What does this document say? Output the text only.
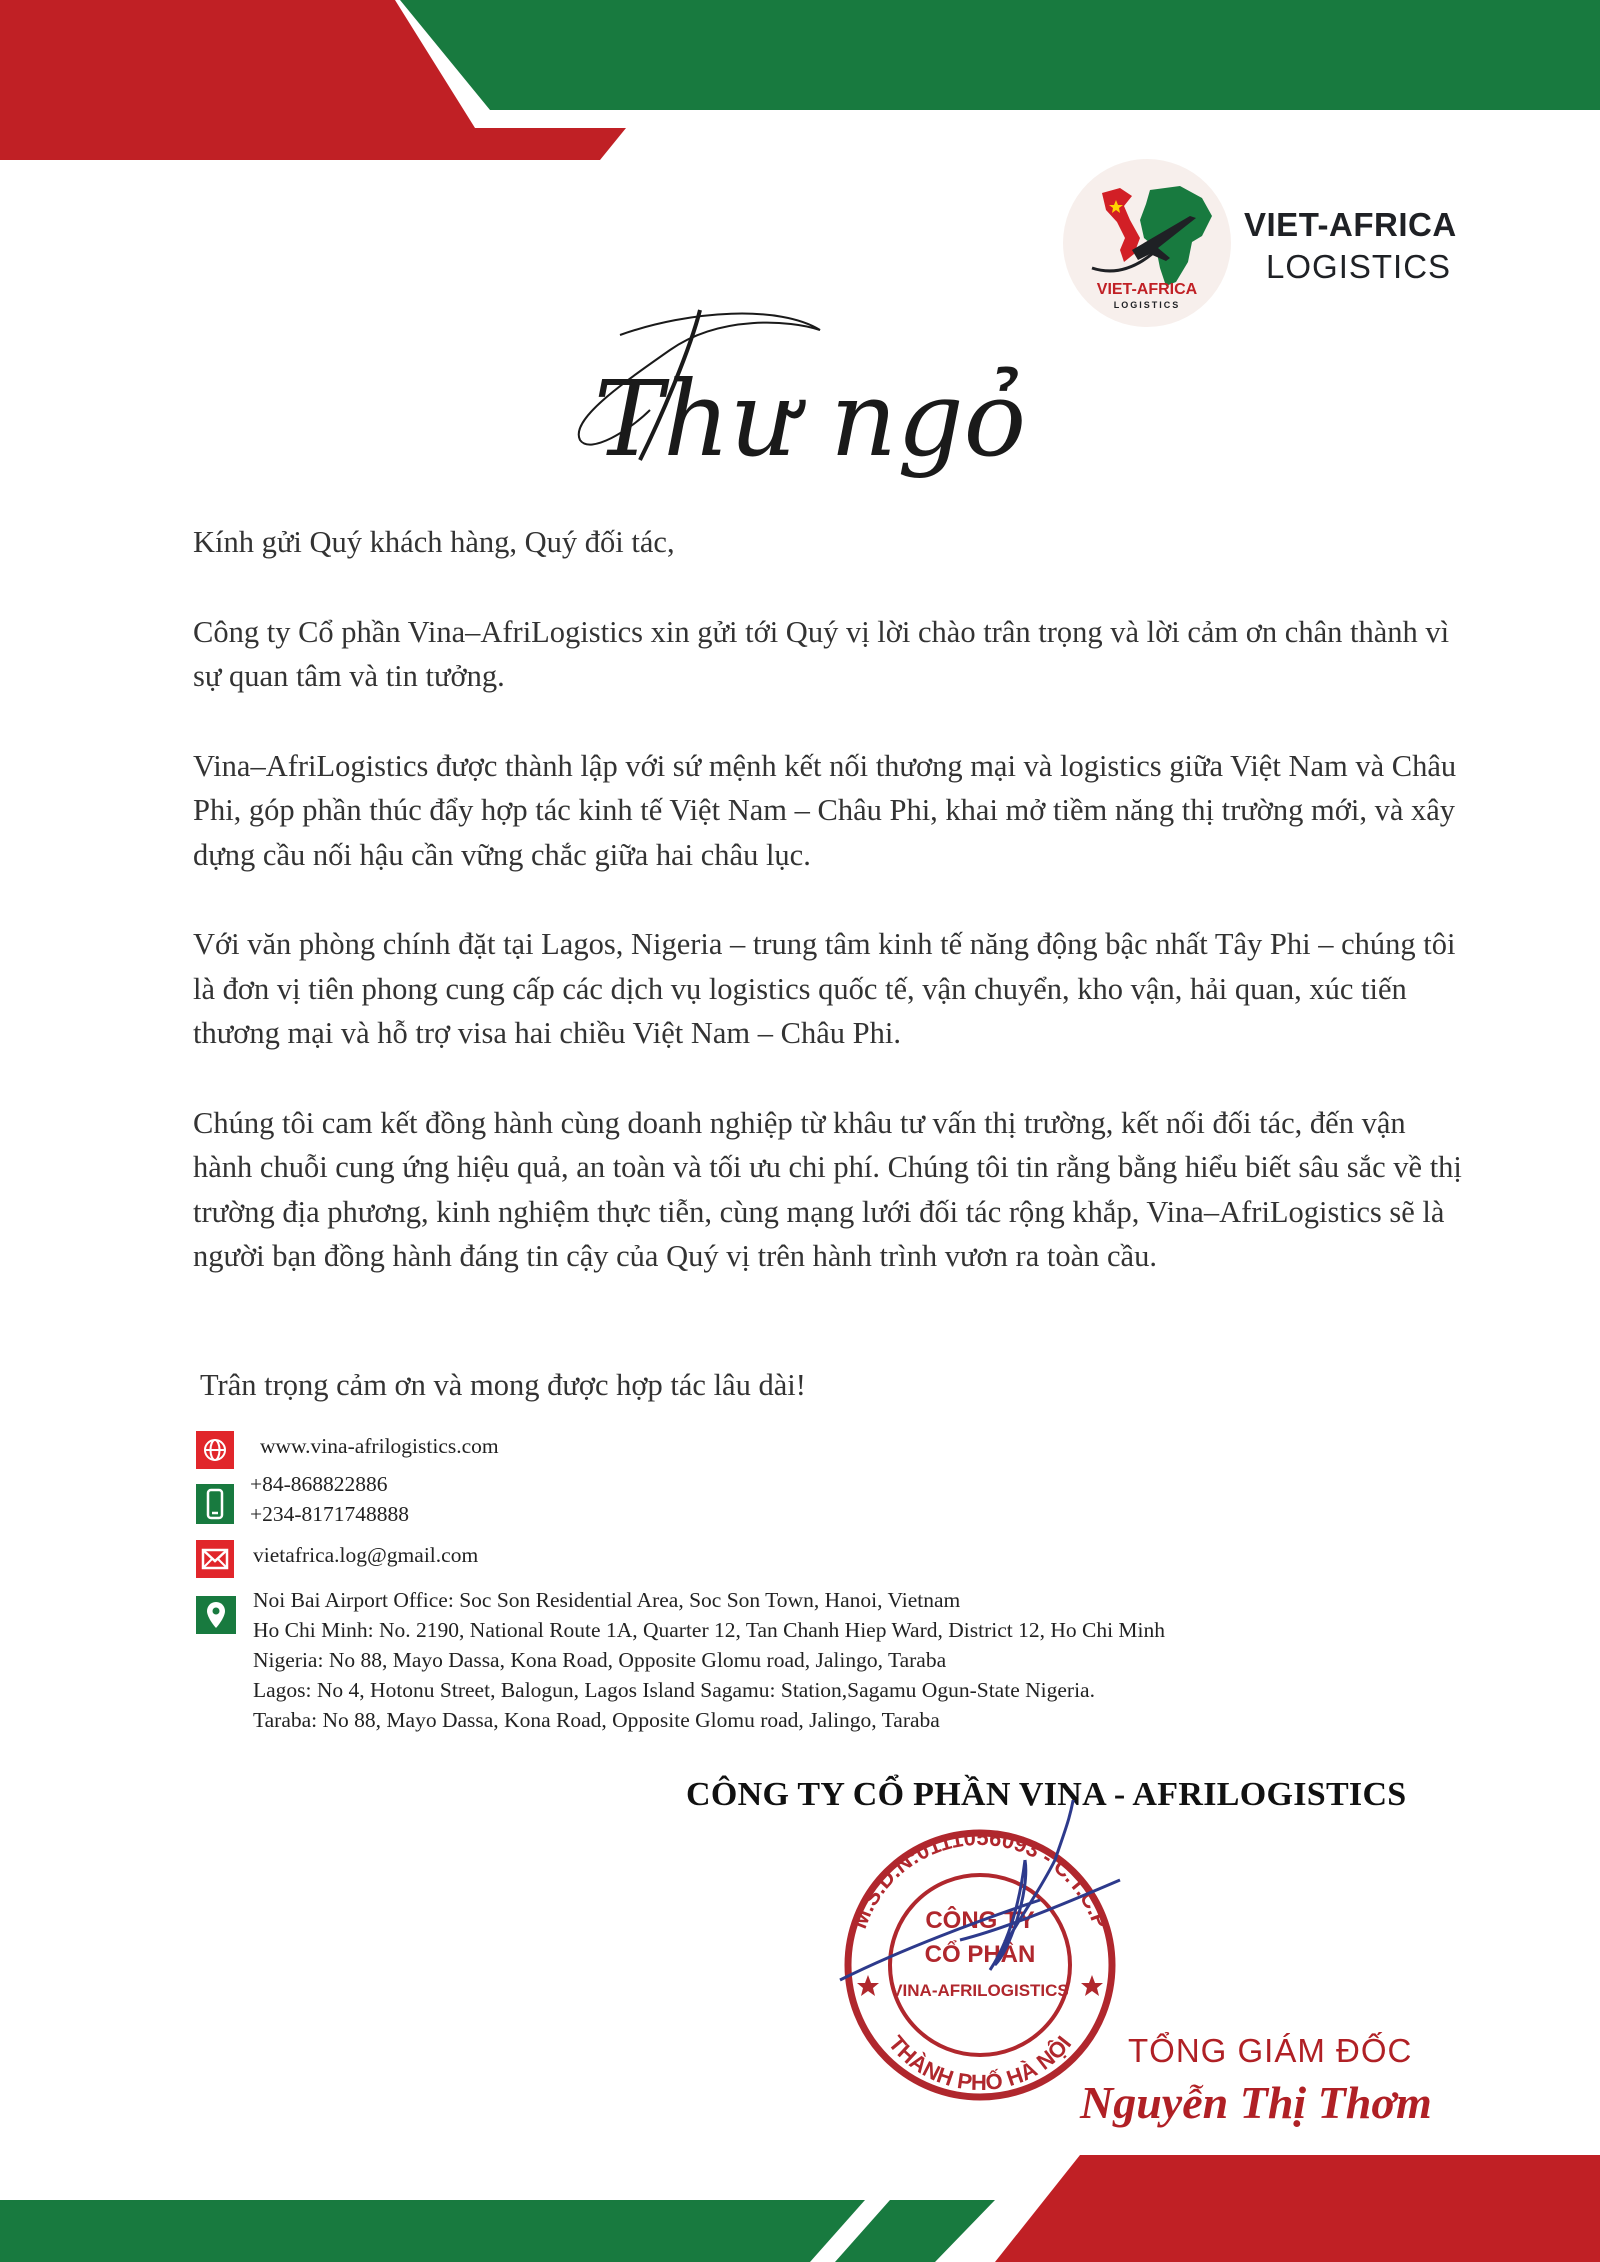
VIET-AFRICA
LOGISTICS
VIET-AFRICA
LOGISTICS
Thư ngỏ

Kính gửi Quý khách hàng, Quý đối tác,

Công ty Cổ phần Vina–AfriLogistics xin gửi tới Quý vị lời chào trân trọng và lời cảm ơn chân thành vì sự quan tâm và tin tưởng.

Vina–AfriLogistics được thành lập với sứ mệnh kết nối thương mại và logistics giữa Việt Nam và Châu Phi, góp phần thúc đẩy hợp tác kinh tế Việt Nam – Châu Phi, khai mở tiềm năng thị trường mới, và xây dựng cầu nối hậu cần vững chắc giữa hai châu lục.

Với văn phòng chính đặt tại Lagos, Nigeria – trung tâm kinh tế năng động bậc nhất Tây Phi – chúng tôi là đơn vị tiên phong cung cấp các dịch vụ logistics quốc tế, vận chuyển, kho vận, hải quan, xúc tiến thương mại và hỗ trợ visa hai chiều Việt Nam – Châu Phi.

Chúng tôi cam kết đồng hành cùng doanh nghiệp từ khâu tư vấn thị trường, kết nối đối tác, đến vận hành chuỗi cung ứng hiệu quả, an toàn và tối ưu chi phí. Chúng tôi tin rằng bằng hiểu biết sâu sắc về thị trường địa phương, kinh nghiệm thực tiễn, cùng mạng lưới đối tác rộng khắp, Vina–AfriLogistics sẽ là người bạn đồng hành đáng tin cậy của Quý vị trên hành trình vươn ra toàn cầu.

Trân trọng cảm ơn và mong được hợp tác lâu dài!
www.vina-afrilogistics.com
+84-868822886
+234-8171748888
vietafrica.log@gmail.com
Noi Bai Airport Office: Soc Son Residential Area, Soc Son Town, Hanoi, Vietnam
Ho Chi Minh: No. 2190, National Route 1A, Quarter 12, Tan Chanh Hiep Ward, District 12, Ho Chi Minh
Nigeria: No 88, Mayo Dassa, Kona Road, Opposite Glomu road, Jalingo, Taraba
Lagos: No 4, Hotonu Street, Balogun, Lagos Island Sagamu: Station,Sagamu Ogun-State Nigeria.
Taraba: No 88, Mayo Dassa, Kona Road, Opposite Glomu road, Jalingo, Taraba
CÔNG TY CỔ PHẦN VINA - AFRILOGISTICS
M.S.D.N:0111056093 - C.T.C.P
THÀNH PHỐ HÀ NỘI
CÔNG TY
CỔ PHẦN
VINA-AFRILOGISTICS
TỔNG GIÁM ĐỐC
Nguyễn Thị Thơm
